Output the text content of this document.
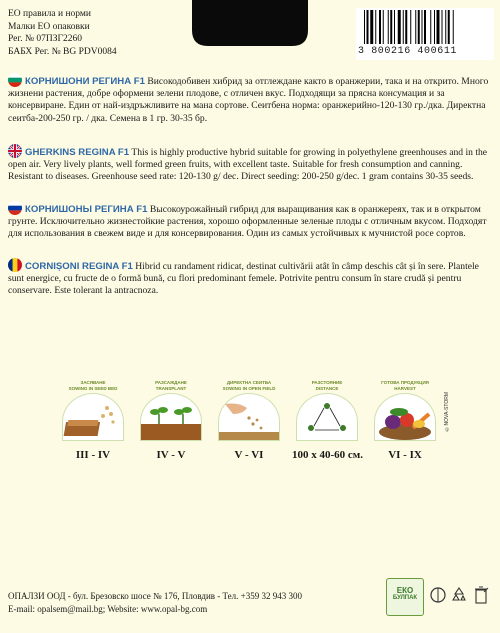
ЕО правила и норми
Малки ЕО опаковки
Рег. № 07ПЗГ2260
БАБХ Рег. № BG PDV0084	3 800216 400611
КОРНИШОНИ РЕГИНА F1 Високодобивен хибрид за отглеждане както в оранжерии, така и на открито. Много жизнени растения, добре оформени зелени плодове, с отличен вкус. Подходящи за прясна консумация и за консервиране. Един от най-издръжливите на мана сортове. Сеитбена норма: оранжерийно-120-130 гр./дка. Директна сеитба-200-250 гр. / дка. Семена в 1 гр. 30-35 бр.
GHERKINS REGINA F1 This is highly productive hybrid suitable for growing in polyethylene greenhouses and in the open air. Very lively plants, well formed green fruits, with excellent taste. Suitable for fresh consumption and canning. Resistant to diseases. Greenhouse seed rate: 120-130 g/ dec. Direct seeding: 200-250 g/dec. 1 gram contains 30-35 seeds.
КОРНИШОНЫ РЕГИНА F1 Высокоурожайный гибрид для выращивания как в оранжереях, так и в открытом грунте. Исключительно жизнестойкие растения, хорошо оформленные зеленые плоды с отличным вкусом. Подходят для использования в свежем виде и для консервирования. Один из самых устойчивых к мучнистой росе сортов.
CORNIȘONI REGINA F1 Hibrid cu randament ridicat, destinat cultivării atât în câmp deschis cât și în sere. Plantele sunt energice, cu fructe de o formă bună, cu flori predominant femele. Potrivite pentru consum în stare crudă și pentru conservare. Este tolerant la antracnoza.
ЗАСЯВАНЕ
SOWING IN SEED BED
III - IV
РАЗСАЖДАНЕ
TRANSPLANT
IV - V
ДИРЕКТНА СЕИТБА
SOWING IN OPEN FIELD
V - VI
РАЗСТОЯНИЕ
DISTANCE
100 x 40-60 см.
ГОТОВА ПРОДУКЦИЯ
HARVEST
VI - IX
©NOVA-STORM
ОПАЛЗИ ООД - бул. Брезовско шосе № 176, Пловдив - Тел. +359 32 943 300
E-mail: opalsem@mail.bg; Website: www.opal-bg.com
ЕКО
БУЛПАК
